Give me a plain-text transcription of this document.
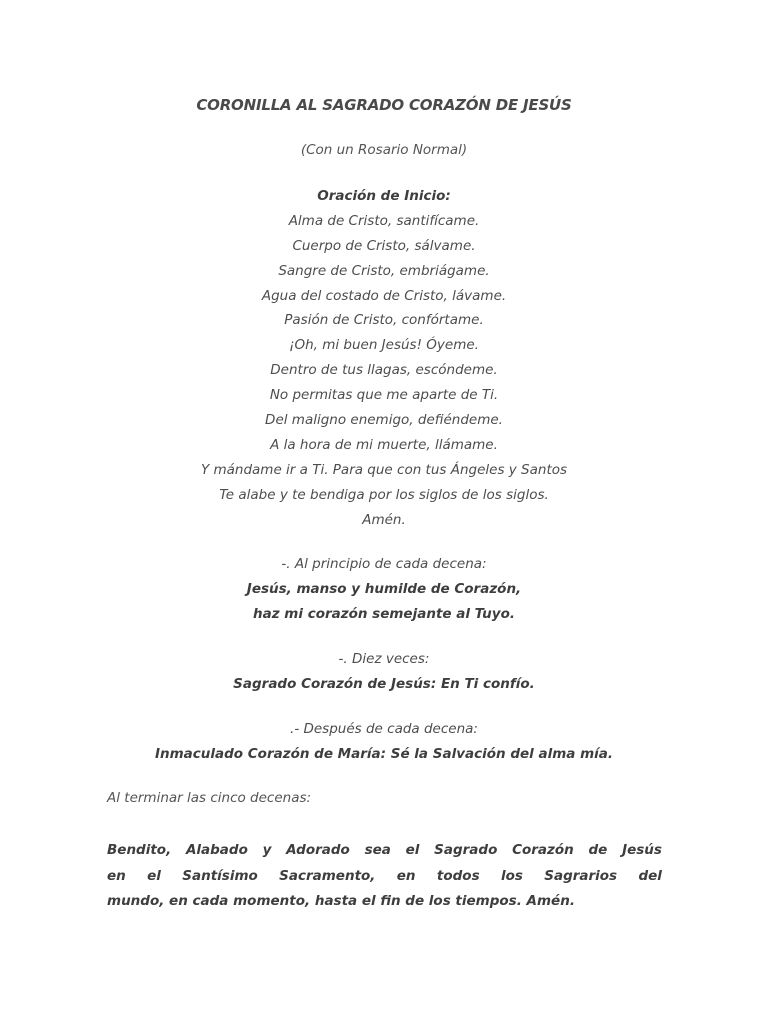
CORONILLA AL SAGRADO CORAZÓN DE JESÚS
(Con un Rosario Normal)
Oración de Inicio:
Alma de Cristo, santifícame.
Cuerpo de Cristo, sálvame.
Sangre de Cristo, embriágame.
Agua del costado de Cristo, lávame.
Pasión de Cristo, confórtame.
¡Oh, mi buen Jesús! Óyeme.
Dentro de tus llagas, escóndeme.
No permitas que me aparte de Ti.
Del maligno enemigo, defiéndeme.
A la hora de mi muerte, llámame.
Y mándame ir a Ti. Para que con tus Ángeles y Santos
Te alabe y te bendiga por los siglos de los siglos.
Amén.
-. Al principio de cada decena:
Jesús, manso y humilde de Corazón,
haz mi corazón semejante al Tuyo.
-. Diez veces:
Sagrado Corazón de Jesús: En Ti confío.
.- Después de cada decena:
Inmaculado Corazón de María: Sé la Salvación del alma mía.
Al terminar las cinco decenas:
Bendito, Alabado y Adorado sea el Sagrado Corazón de Jesús
en el Santísimo Sacramento, en todos los Sagrarios del
mundo, en cada momento, hasta el fin de los tiempos. Amén.
